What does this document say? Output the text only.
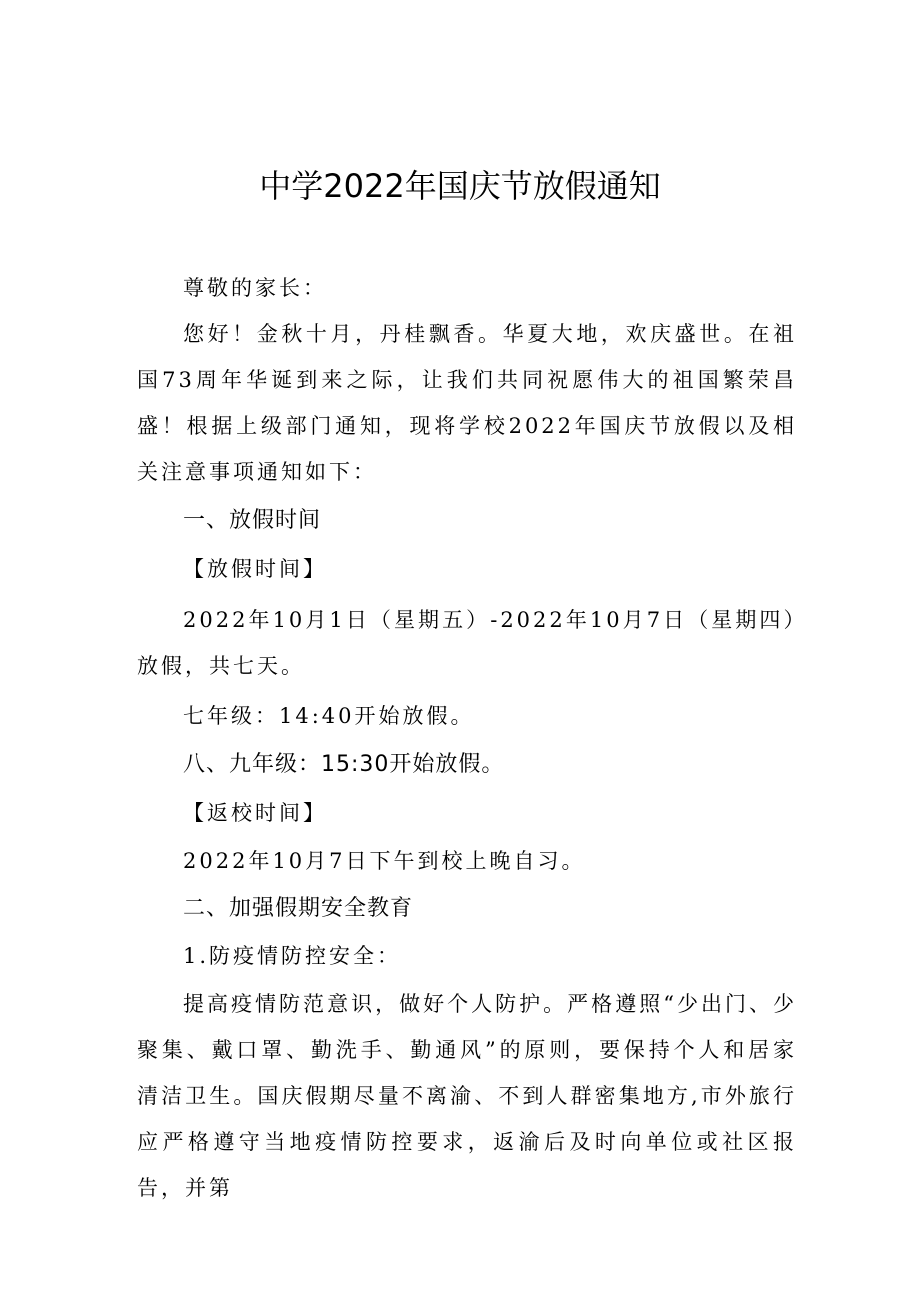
中学2022年国庆节放假通知

尊敬的家长：

您好！金秋十月，丹桂飘香。华夏大地，欢庆盛世。在祖国73周年华诞到来之际，让我们共同祝愿伟大的祖国繁荣昌盛！根据上级部门通知，现将学校2022年国庆节放假以及相关注意事项通知如下：

一、放假时间

【放假时间】

2022年10月1日（星期五）-2022年10月7日（星期四）放假，共七天。

七年级：14:40开始放假。

八、九年级：15:30开始放假。

【返校时间】

2022年10月7日下午到校上晚自习。

二、加强假期安全教育

1.防疫情防控安全：

提高疫情防范意识，做好个人防护。严格遵照“少出门、少聚集、戴口罩、勤洗手、勤通风”的原则，要保持个人和居家清洁卫生。国庆假期尽量不离渝、不到人群密集地方,市外旅行应严格遵守当地疫情防控要求，返渝后及时向单位或社区报告，并第
